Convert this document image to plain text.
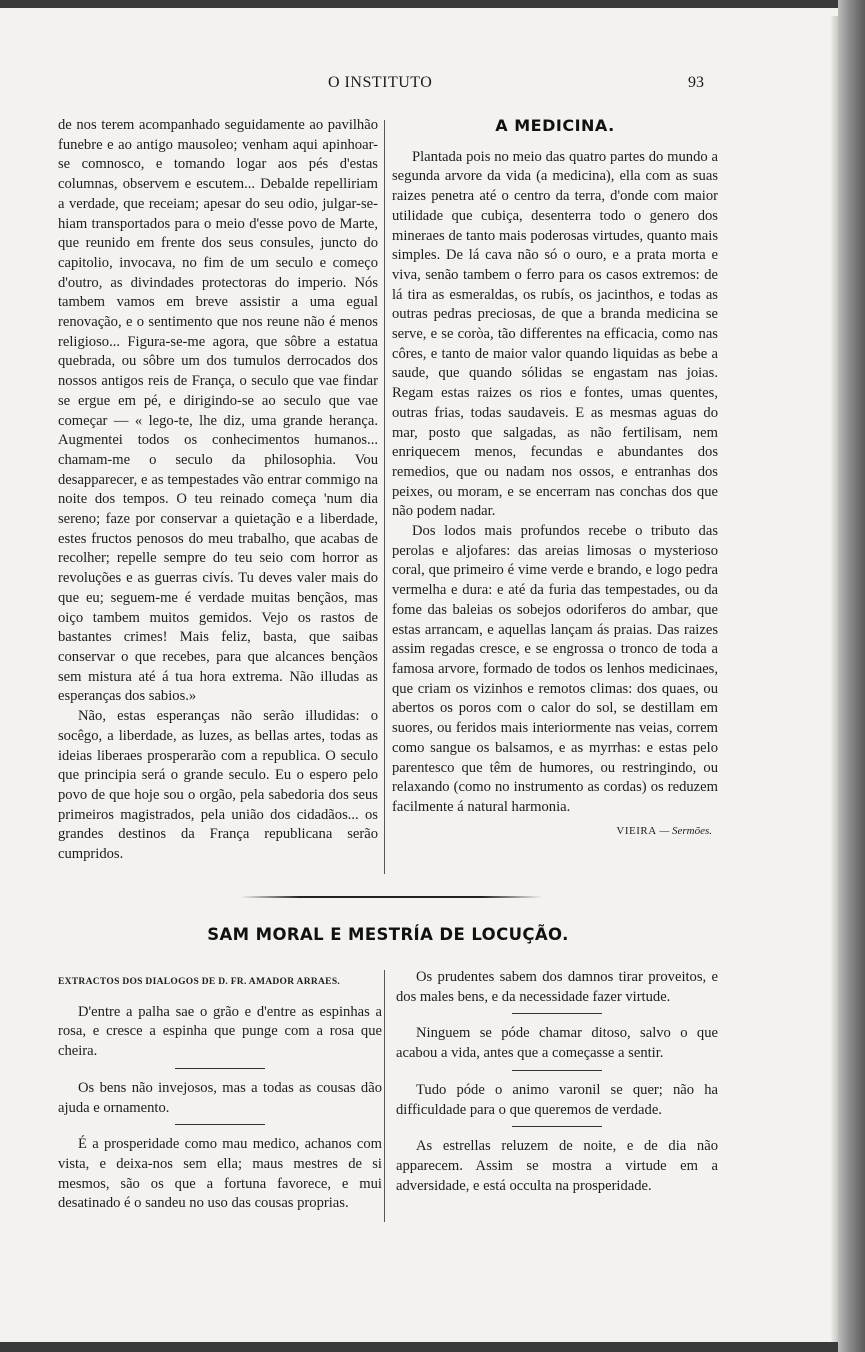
O INSTITUTO	93

de nos terem acompanhado seguidamente ao pavilhão funebre e ao antigo mausoleo; venham aqui apinhoar-se comnosco, e tomando logar aos pés d'estas columnas, observem e escutem... Debalde repelliriam a verdade, que receiam; apesar do seu odio, julgar-se-hiam transportados para o meio d'esse povo de Marte, que reunido em frente dos seus consules, juncto do capitolio, invocava, no fim de um seculo e começo d'outro, as divindades protectoras do imperio. Nós tambem vamos em breve assistir a uma egual renovação, e o sentimento que nos reune não é menos religioso... Figura-se-me agora, que sôbre a estatua quebrada, ou sôbre um dos tumulos derrocados dos nossos antigos reis de França, o seculo que vae findar se ergue em pé, e dirigindo-se ao seculo que vae começar — « lego-te, lhe diz, uma grande herança. Augmentei todos os conhecimentos humanos... chamam-me o seculo da philosophia. Vou desapparecer, e as tempestades vão entrar commigo na noite dos tempos. O teu reinado começa 'num dia sereno; faze por conservar a quietação e a liberdade, estes fructos penosos do meu trabalho, que acabas de recolher; repelle sempre do teu seio com horror as revoluções e as guerras civís. Tu deves valer mais do que eu; seguem-me é verdade muitas bençãos, mas oiço tambem muitos gemidos. Vejo os rastos de bastantes crimes! Mais feliz, basta, que saibas conservar o que recebes, para que alcances bençãos sem mistura até á tua hora extrema. Não illudas as esperanças dos sabios.»

Não, estas esperanças não serão illudidas: o socêgo, a liberdade, as luzes, as bellas artes, todas as ideias liberaes prosperarão com a republica. O seculo que principia será o grande seculo. Eu o espero pelo povo de que hoje sou o orgão, pela sabedoria dos seus primeiros magistrados, pela união dos cidadãos... os grandes destinos da França republicana serão cumpridos.

A MEDICINA.

Plantada pois no meio das quatro partes do mundo a segunda arvore da vida (a medicina), ella com as suas raizes penetra até o centro da terra, d'onde com maior utilidade que cubiça, desenterra todo o genero dos mineraes de tanto mais poderosas virtudes, quanto mais simples. De lá cava não só o ouro, e a prata morta e viva, senão tambem o ferro para os casos extremos: de lá tira as esmeraldas, os rubís, os jacinthos, e todas as outras pedras preciosas, de que a branda medicina se serve, e se coròa, tão differentes na efficacia, como nas côres, e tanto de maior valor quando liquidas as bebe a saude, que quando sólidas se engastam nas joias. Regam estas raizes os rios e fontes, umas quentes, outras frias, todas saudaveis. E as mesmas aguas do mar, posto que salgadas, as não fertilisam, nem enriquecem menos, fecundas e abundantes dos remedios, que ou nadam nos ossos, e entranhas dos peixes, ou moram, e se encerram nas conchas dos que não podem nadar.

Dos lodos mais profundos recebe o tributo das perolas e aljofares: das areias limosas o mysterioso coral, que primeiro é vime verde e brando, e logo pedra vermelha e dura: e até da furia das tempestades, ou da fome das baleias os sobejos odoriferos do ambar, que estas arrancam, e aquellas lançam ás praias. Das raizes assim regadas cresce, e se engrossa o tronco de toda a famosa arvore, formado de todos os lenhos medicinaes, que criam os vizinhos e remotos climas: dos quaes, ou abertos os poros com o calor do sol, se destillam em suores, ou feridos mais interiormente nas veias, correm como sangue os balsamos, e as myrrhas: e estas pelo parentesco que têm de humores, ou restringindo, ou relaxando (como no instrumento as cordas) os reduzem facilmente á natural harmonia.

VIEIRA — Sermões.
SAM MORAL E MESTRÍA DE LOCUÇÃO.

EXTRACTOS DOS DIALOGOS DE D. FR. AMADOR ARRAES.

D'entre a palha sae o grão e d'entre as espinhas a rosa, e cresce a espinha que punge com a rosa que cheira.

Os bens não invejosos, mas a todas as cousas dão ajuda e ornamento.

É a prosperidade como mau medico, achanos com vista, e deixa-nos sem ella; maus mestres de si mesmos, são os que a fortuna favorece, e mui desatinado é o sandeu no uso das cousas proprias.

Os prudentes sabem dos damnos tirar proveitos, e dos males bens, e da necessidade fazer virtude.

Ninguem se póde chamar ditoso, salvo o que acabou a vida, antes que a começasse a sentir.

Tudo póde o animo varonil se quer; não ha difficuldade para o que queremos de verdade.

As estrellas reluzem de noite, e de dia não apparecem. Assim se mostra a virtude em a adversidade, e está occulta na prosperidade.
